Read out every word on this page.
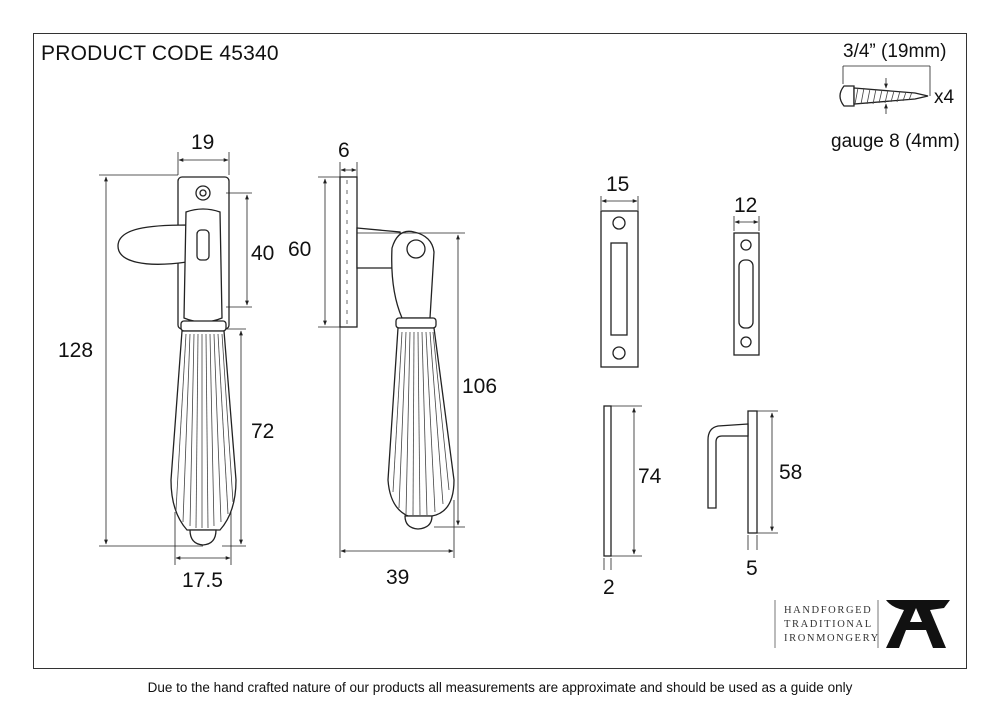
PRODUCT CODE 45340	3/4” (19mm)
x4
gauge 8 (4mm)
19
40
128
72
17.5
6
60
106
39
15
12
74
2
58
5
HANDFORGED
TRADITIONAL
IRONMONGERY
Due to the hand crafted nature of our products all measurements are approximate and should be used as a guide only
